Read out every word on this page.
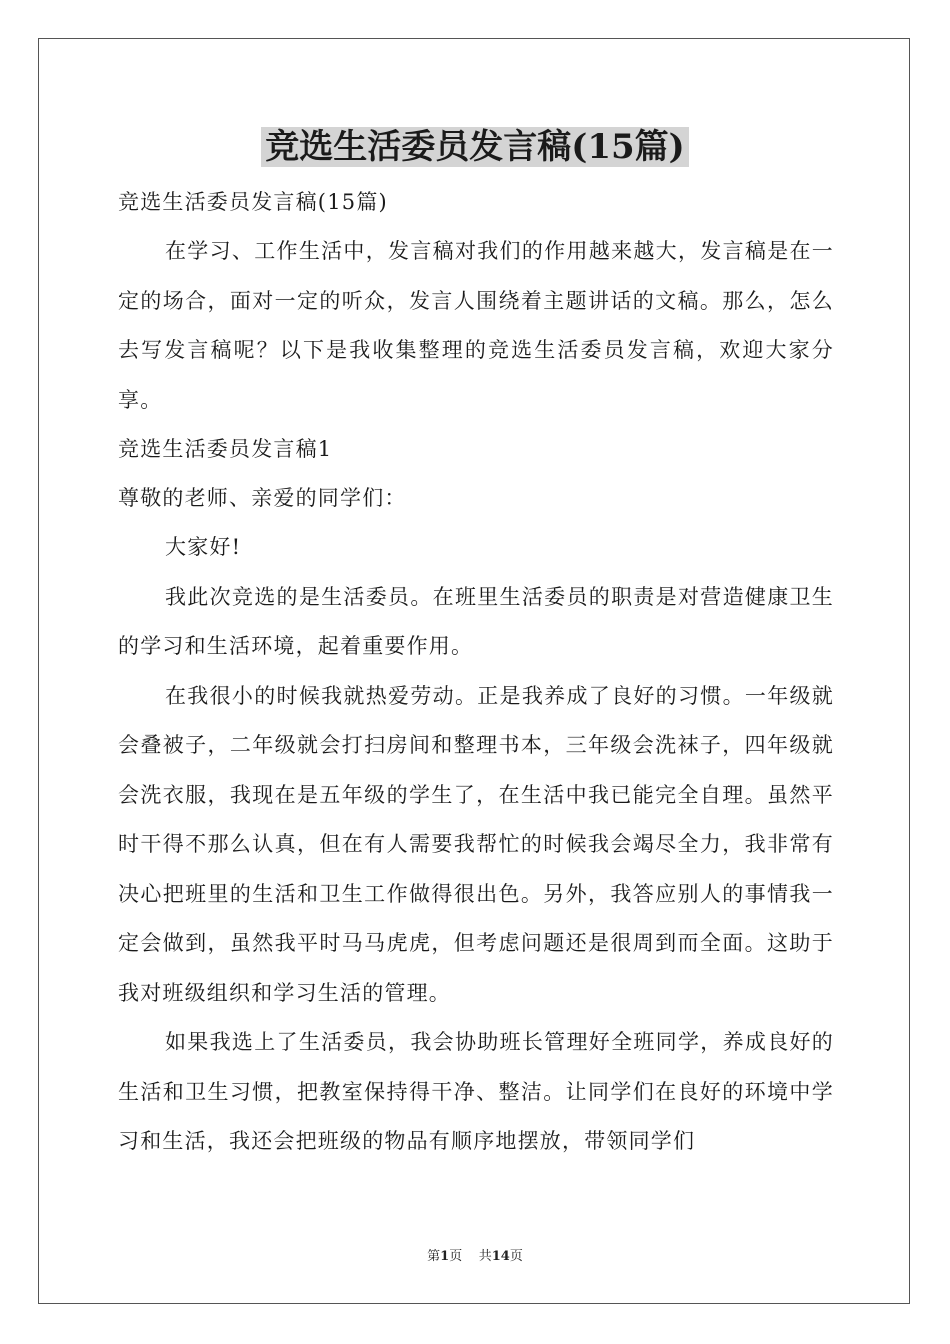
竞选生活委员发言稿(15篇)
竞选生活委员发言稿(15篇)

在学习、工作生活中，发言稿对我们的作用越来越大，发言稿是在一定的场合，面对一定的听众，发言人围绕着主题讲话的文稿。那么，怎么去写发言稿呢？以下是我收集整理的竞选生活委员发言稿，欢迎大家分享。

竞选生活委员发言稿1
尊敬的老师、亲爱的同学们：

大家好!

我此次竞选的是生活委员。在班里生活委员的职责是对营造健康卫生的学习和生活环境，起着重要作用。

在我很小的时候我就热爱劳动。正是我养成了良好的习惯。一年级就会叠被子，二年级就会打扫房间和整理书本，三年级会洗袜子，四年级就会洗衣服，我现在是五年级的学生了，在生活中我已能完全自理。虽然平时干得不那么认真，但在有人需要我帮忙的时候我会竭尽全力，我非常有决心把班里的生活和卫生工作做得很出色。另外，我答应别人的事情我一定会做到，虽然我平时马马虎虎，但考虑问题还是很周到而全面。这助于我对班级组织和学习生活的管理。

如果我选上了生活委员，我会协助班长管理好全班同学，养成良好的生活和卫生习惯，把教室保持得干净、整洁。让同学们在良好的环境中学习和生活，我还会把班级的物品有顺序地摆放，带领同学们

第1页 共14页
